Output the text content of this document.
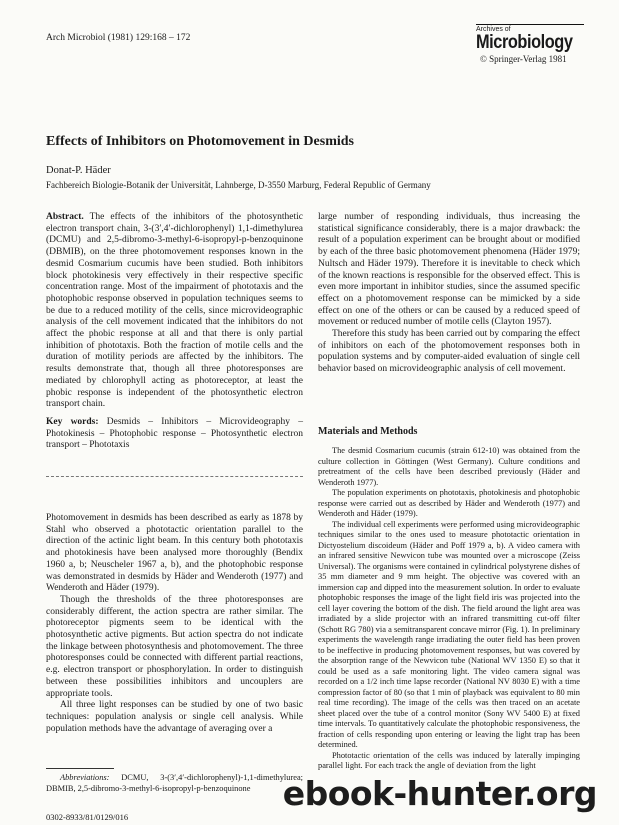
Arch Microbiol (1981) 129:168 – 172
Archives of
Microbiology
© Springer-Verlag 1981
Effects of Inhibitors on Photomovement in Desmids
Donat-P. Häder
Fachbereich Biologie-Botanik der Universität, Lahnberge, D-3550 Marburg, Federal Republic of Germany

Abstract. The effects of the inhibitors of the photosynthetic electron transport chain, 3-(3′,4′-dichlorophenyl) 1,1-dimethylurea (DCMU) and 2,5-dibromo-3-methyl-6-isopropyl-p-benzoquinone (DBMIB), on the three photomovement responses known in the desmid Cosmarium cucumis have been studied. Both inhibitors block photokinesis very effectively in their respective specific concentration range. Most of the impairment of phototaxis and the photophobic response observed in population techniques seems to be due to a reduced motility of the cells, since microvideographic analysis of the cell movement indicated that the inhibitors do not affect the phobic response at all and that there is only partial inhibition of phototaxis. Both the fraction of motile cells and the duration of motility periods are affected by the inhibitors. The results demonstrate that, though all three photoresponses are mediated by chlorophyll acting as photoreceptor, at least the phobic response is independent of the photosynthetic electron transport chain.

Key words: Desmids – Inhibitors – Microvideography – Photokinesis – Photophobic response – Photosynthetic electron transport – Phototaxis

Photomovement in desmids has been described as early as 1878 by Stahl who observed a phototactic orientation parallel to the direction of the actinic light beam. In this century both phototaxis and photokinesis have been analysed more thoroughly (Bendix 1960 a, b; Neuscheler 1967 a, b), and the photophobic response was demonstrated in desmids by Häder and Wenderoth (1977) and Wenderoth and Häder (1979).

Though the thresholds of the three photoresponses are considerably different, the action spectra are rather similar. The photoreceptor pigments seem to be identical with the photosynthetic active pigments. But action spectra do not indicate the linkage between photosynthesis and photomovement. The three photoresponses could be connected with different partial reactions, e.g. electron transport or phosphorylation. In order to distinguish between these possibilities inhibitors and uncouplers are appropriate tools.

All three light responses can be studied by one of two basic techniques: population analysis or single cell analysis. While population methods have the advantage of averaging over a

Abbreviations: DCMU, 3-(3′,4′-dichlorophenyl)-1,1-dimethylurea; DBMIB, 2,5-dibromo-3-methyl-6-isopropyl-p-benzoquinone

0302-8933/81/0129/016

large number of responding individuals, thus increasing the statistical significance considerably, there is a major drawback: the result of a population experiment can be brought about or modified by each of the three basic photomovement phenomena (Häder 1979; Nultsch and Häder 1979). Therefore it is inevitable to check which of the known reactions is responsible for the observed effect. This is even more important in inhibitor studies, since the assumed specific effect on a photomovement response can be mimicked by a side effect on one of the others or can be caused by a reduced speed of movement or reduced number of motile cells (Clayton 1957).

Therefore this study has been carried out by comparing the effect of inhibitors on each of the photomovement responses both in population systems and by computer-aided evaluation of single cell behavior based on microvideographic analysis of cell movement.

Materials and Methods

The desmid Cosmarium cucumis (strain 612-10) was obtained from the culture collection in Göttingen (West Germany). Culture conditions and pretreatment of the cells have been described previously (Häder and Wenderoth 1977).

The population experiments on phototaxis, photokinesis and photophobic response were carried out as described by Häder and Wenderoth (1977) and Wenderoth and Häder (1979).

The individual cell experiments were performed using microvideographic techniques similar to the ones used to measure phototactic orientation in Dictyostelium discoideum (Häder and Poff 1979 a, b). A video camera with an infrared sensitive Newvicon tube was mounted over a microscope (Zeiss Universal). The organisms were contained in cylindrical polystyrene dishes of 35 mm diameter and 9 mm height. The objective was covered with an immersion cap and dipped into the measurement solution. In order to evaluate photophobic responses the image of the light field iris was projected into the cell layer covering the bottom of the dish. The field around the light area was irradiated by a slide projector with an infrared transmitting cut-off filter (Schott RG 780) via a semitransparent concave mirror (Fig. 1). In preliminary experiments the wavelength range irradiating the outer field has been proven to be ineffective in producing photomovement responses, but was covered by the absorption range of the Newvicon tube (National WV 1350 E) so that it could be used as a safe monitoring light. The video camera signal was recorded on a 1/2 inch time lapse recorder (National NV 8030 E) with a time compression factor of 80 (so that 1 min of playback was equivalent to 80 min real time recording). The image of the cells was then traced on an acetate sheet placed over the tube of a control monitor (Sony WV 5400 E) at fixed time intervals. To quantitatively calculate the photophobic responsiveness, the fraction of cells responding upon entering or leaving the light trap has been determined.

Phototactic orientation of the cells was induced by laterally impinging parallel light. For each track the angle of deviation from the light

ebook-hunter.org
